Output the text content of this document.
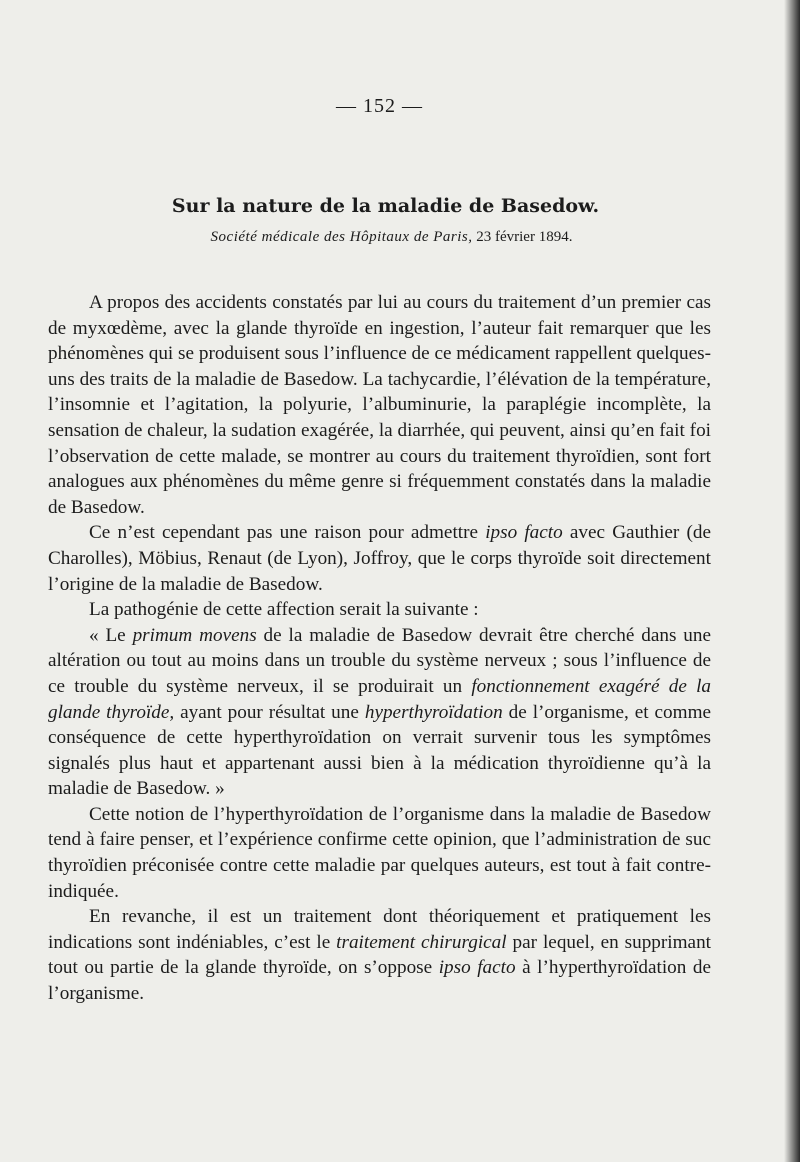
— 152 —
Sur la nature de la maladie de Basedow.
Société médicale des Hôpitaux de Paris, 23 février 1894.

A propos des accidents constatés par lui au cours du traitement d’un premier cas de myxœdème, avec la glande thyroïde en ingestion, l’auteur fait remarquer que les phénomènes qui se produisent sous l’influence de ce médicament rappellent quelques-uns des traits de la maladie de Basedow. La tachycardie, l’élévation de la température, l’insomnie et l’agitation, la polyurie, l’albuminurie, la paraplégie incomplète, la sensation de chaleur, la sudation exagérée, la diarrhée, qui peuvent, ainsi qu’en fait foi l’observation de cette malade, se montrer au cours du traitement thyroïdien, sont fort analogues aux phénomènes du même genre si fréquemment constatés dans la maladie de Basedow.

Ce n’est cependant pas une raison pour admettre ipso facto avec Gauthier (de Charolles), Möbius, Renaut (de Lyon), Joffroy, que le corps thyroïde soit directement l’origine de la maladie de Basedow.

La pathogénie de cette affection serait la suivante :

« Le primum movens de la maladie de Basedow devrait être cherché dans une altération ou tout au moins dans un trouble du système nerveux ; sous l’influence de ce trouble du système nerveux, il se produirait un fonctionnement exagéré de la glande thyroïde, ayant pour résultat une hyperthyroïdation de l’organisme, et comme conséquence de cette hyperthyroïdation on verrait survenir tous les symptômes signalés plus haut et appartenant aussi bien à la médication thyroïdienne qu’à la maladie de Basedow. »

Cette notion de l’hyperthyroïdation de l’organisme dans la maladie de Basedow tend à faire penser, et l’expérience confirme cette opinion, que l’administration de suc thyroïdien préconisée contre cette maladie par quelques auteurs, est tout à fait contre-indiquée.

En revanche, il est un traitement dont théoriquement et pratiquement les indications sont indéniables, c’est le traitement chirurgical par lequel, en supprimant tout ou partie de la glande thyroïde, on s’oppose ipso facto à l’hyperthyroïdation de l’organisme.
